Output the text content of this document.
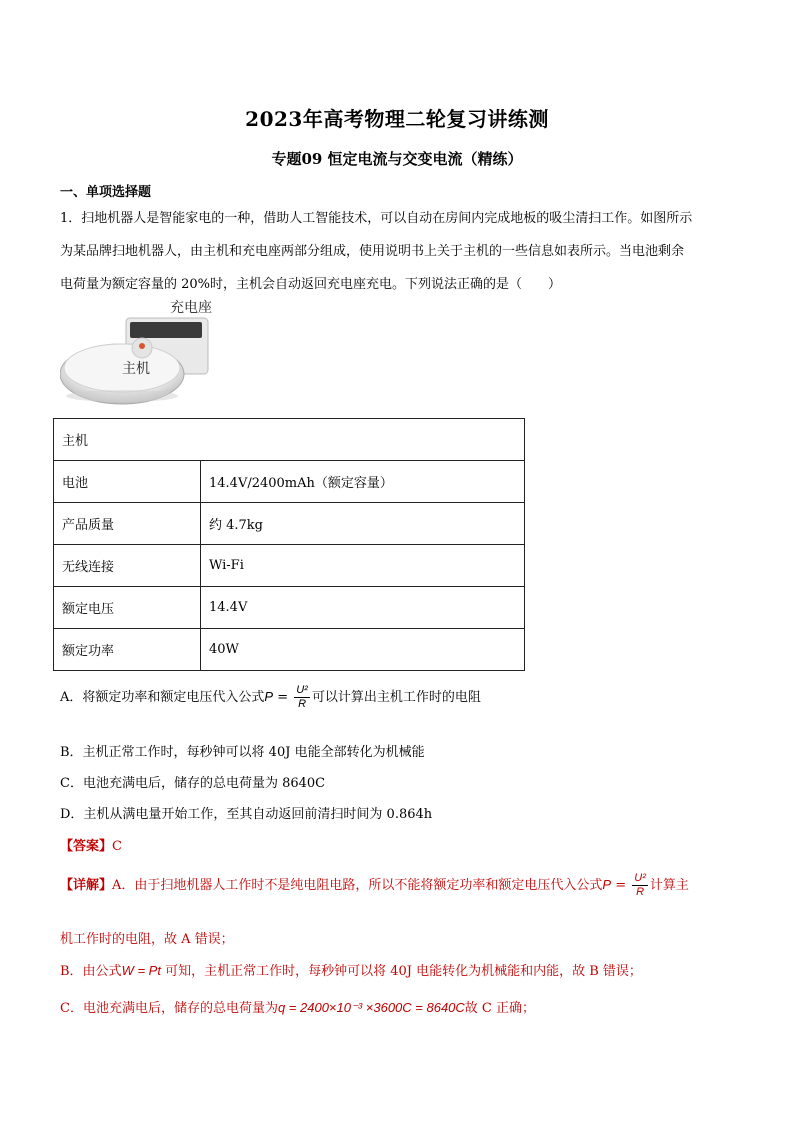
2023年高考物理二轮复习讲练测
专题09 恒定电流与交变电流（精练）
一、单项选择题
1．扫地机器人是智能家电的一种，借助人工智能技术，可以自动在房间内完成地板的吸尘清扫工作。如图所示
为某品牌扫地机器人，由主机和充电座两部分组成，使用说明书上关于主机的一些信息如表所示。当电池剩余
电荷量为额定容量的 20%时，主机会自动返回充电座充电。下列说法正确的是（　　）
充电座
主机
主机	
电池	14.4V/2400mAh（额定容量）
产品质量	约 4.7kg
无线连接	Wi-Fi
额定电压	14.4V
额定功率	40W
A．将额定功率和额定电压代入公式$P = \frac{\text{U²}}{R}$ 可以计算出主机工作时的电阻
B．主机正常工作时，每秒钟可以将 40J 电能全部转化为机械能
C．电池充满电后，储存的总电荷量为 8640C
D．主机从满电量开始工作，至其自动返回前清扫时间为 0.864h
【答案】C
【详解】A．由于扫地机器人工作时不是纯电阻电路，所以不能将额定功率和额定电压代入公式$P = \frac{\text{U²}}{R}$ 计算主
机工作时的电阻，故 A 错误；
B．由公式W = Pt 可知，主机正常工作时，每秒钟可以将 40J 电能转化为机械能和内能，故 B 错误；
C．电池充满电后，储存的总电荷量为q = 2400×10⁻³ ×3600C = 8640C故 C 正确；
